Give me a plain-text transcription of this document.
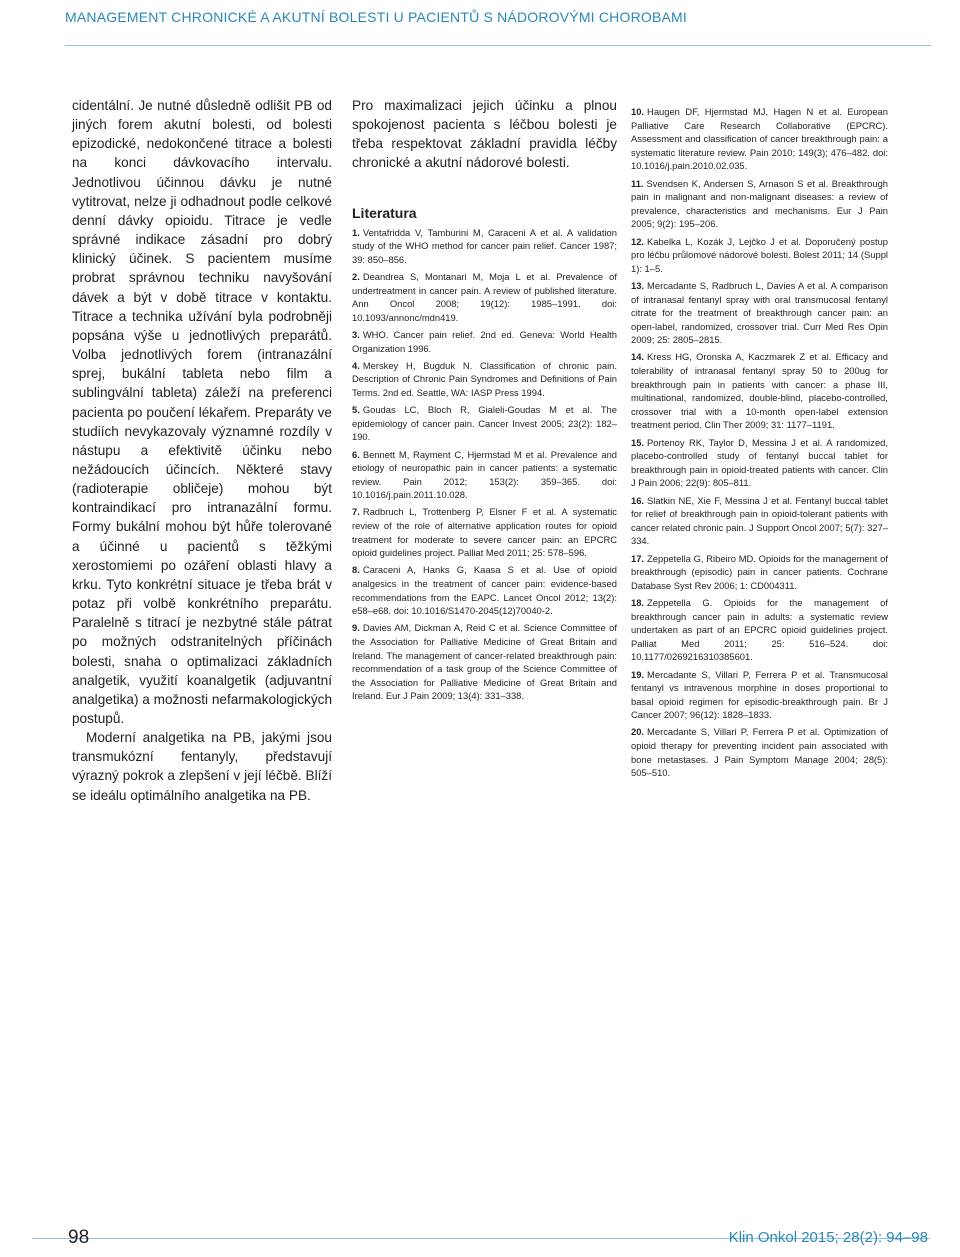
MANAGEMENT CHRONICKÉ A AKUTNÍ BOLESTI U PACIENTŮ S NÁDOROVÝMI CHOROBAMI

cidentální. Je nutné důsledně odlišit PB od jiných forem akutní bolesti, od bolesti epizodické, nedokončené titrace a bolesti na konci dávkovacího intervalu. Jednotlivou účinnou dávku je nutné vytitrovat, nelze ji odhadnout podle celkové denní dávky opioidu. Titrace je vedle správné indikace zásadní pro dobrý klinický účinek. S pacientem musíme probrat správnou techniku navyšování dávek a být v době titrace v kontaktu. Titrace a technika užívání byla podrobněji popsána výše u jednotlivých preparátů. Volba jednotlivých forem (intranazální sprej, bukální tableta nebo film a sublingvální tableta) záleží na preferenci pacienta po poučení lékařem. Preparáty ve studiích nevykazovaly významné rozdíly v nástupu a efektivitě účinku nebo nežádoucích účincích. Některé stavy (radioterapie obličeje) mohou být kontraindikací pro intranazální formu. Formy bukální mohou být hůře tolerované a účinné u pacientů s těžkými xerostomiemi po ozáření oblasti hlavy a krku. Tyto konkrétní situace je třeba brát v potaz při volbě konkrétního preparátu. Paralelně s titrací je nezbytné stále pátrat po možných odstranitelných příčinách bolesti, snaha o optimalizaci základních analgetik, využití koanalgetik (adjuvantní analgetika) a možnosti nefarmakologických postupů.

Moderní analgetika na PB, jakými jsou transmukózní fentanyly, představují výrazný pokrok a zlepšení v její léčbě. Blíží se ideálu optimálního analgetika na PB.

Pro maximalizaci jejich účinku a plnou spokojenost pacienta s léčbou bolesti je třeba respektovat základní pravidla léčby chronické a akutní nádorové bolesti.

Literatura
1. Ventafridda V, Tamburini M, Caraceni A et al. A validation study of the WHO method for cancer pain relief. Cancer 1987; 39: 850–856.
2. Deandrea S, Montanari M, Moja L et al. Prevalence of undertreatment in cancer pain. A review of published literature. Ann Oncol 2008; 19(12): 1985–1991. doi: 10.1093/annonc/mdn419.
3. WHO. Cancer pain relief. 2nd ed. Geneva: World Health Organization 1996.
4. Merskey H, Bugduk N. Classification of chronic pain. Description of Chronic Pain Syndromes and Definitions of Pain Terms. 2nd ed. Seattle, WA: IASP Press 1994.
5. Goudas LC, Bloch R, Gialeli-Goudas M et al. The epidemiology of cancer pain. Cancer Invest 2005; 23(2): 182–190.
6. Bennett M, Rayment C, Hjermstad M et al. Prevalence and etiology of neuropathic pain in cancer patients: a systematic review. Pain 2012; 153(2): 359–365. doi: 10.1016/j.pain.2011.10.028.
7. Radbruch L, Trottenberg P, Elsner F et al. A systematic review of the role of alternative application routes for opioid treatment for moderate to severe cancer pain: an EPCRC opioid guidelines project. Palliat Med 2011; 25: 578–596.
8. Caraceni A, Hanks G, Kaasa S et al. Use of opioid analgesics in the treatment of cancer pain: evidence-based recommendations from the EAPC. Lancet Oncol 2012; 13(2): e58–e68. doi: 10.1016/S1470-2045(12)70040-2.
9. Davies AM, Dickman A, Reid C et al. Science Committee of the Association for Palliative Medicine of Great Britain and Ireland. The management of cancer-related breakthrough pain: recommendation of a task group of the Science Committee of the Association for Palliative Medicine of Great Britain and Ireland. Eur J Pain 2009; 13(4): 331–338.
10. Haugen DF, Hjermstad MJ, Hagen N et al. European Palliative Care Research Collaborative (EPCRC). Assessment and classification of cancer breakthrough pain: a systematic literature review. Pain 2010; 149(3); 476–482. doi: 10.1016/j.pain.2010.02.035.
11. Svendsen K, Andersen S, Arnason S et al. Breakthrough pain in malignant and non-malignant diseases: a review of prevalence, characteristics and mechanisms. Eur J Pain 2005; 9(2): 195–206.
12. Kabelka L, Kozák J, Lejčko J et al. Doporučený postup pro léčbu průlomové nádorové bolesti. Bolest 2011; 14 (Suppl 1): 1–5.
13. Mercadante S, Radbruch L, Davies A et al. A comparison of intranasal fentanyl spray with oral transmucosal fentanyl citrate for the treatment of breakthrough cancer pain: an open-label, randomized, crossover trial. Curr Med Res Opin 2009; 25: 2805–2815.
14. Kress HG, Oronska A, Kaczmarek Z et al. Efficacy and tolerability of intranasal fentanyl spray 50 to 200ug for breakthrough pain in patients with cancer: a phase III, multinational, randomized, double-blind, placebo-controlled, crossover trial with a 10-month open-label extension treatment period. Clin Ther 2009; 31: 1177–1191.
15. Portenoy RK, Taylor D, Messina J et al. A randomized, placebo-controlled study of fentanyl buccal tablet for breakthrough pain in opioid-treated patients with cancer. Clin J Pain 2006; 22(9): 805–811.
16. Slatkin NE, Xie F, Messina J et al. Fentanyl buccal tablet for relief of breakthrough pain in opioid-tolerant patients with cancer related chronic pain. J Support Oncol 2007; 5(7): 327–334.
17. Zeppetella G, Ribeiro MD. Opioids for the management of breakthrough (episodic) pain in cancer patients. Cochrane Database Syst Rev 2006; 1: CD004311.
18. Zeppetella G. Opioids for the management of breakthrough cancer pain in adults: a systematic review undertaken as part of an EPCRC opioid guidelines project. Palliat Med 2011; 25: 516–524. doi: 10.1177/0269216310385601.
19. Mercadante S, Villari P, Ferrera P et al. Transmucosal fentanyl vs intravenous morphine in doses proportional to basal opioid regimen for episodic-breakthrough pain. Br J Cancer 2007; 96(12): 1828–1833.
20. Mercadante S, Villari P, Ferrera P et al. Optimization of opioid therapy for preventing incident pain associated with bone metastases. J Pain Symptom Manage 2004; 28(5): 505–510.
98	Klin Onkol 2015; 28(2): 94–98
